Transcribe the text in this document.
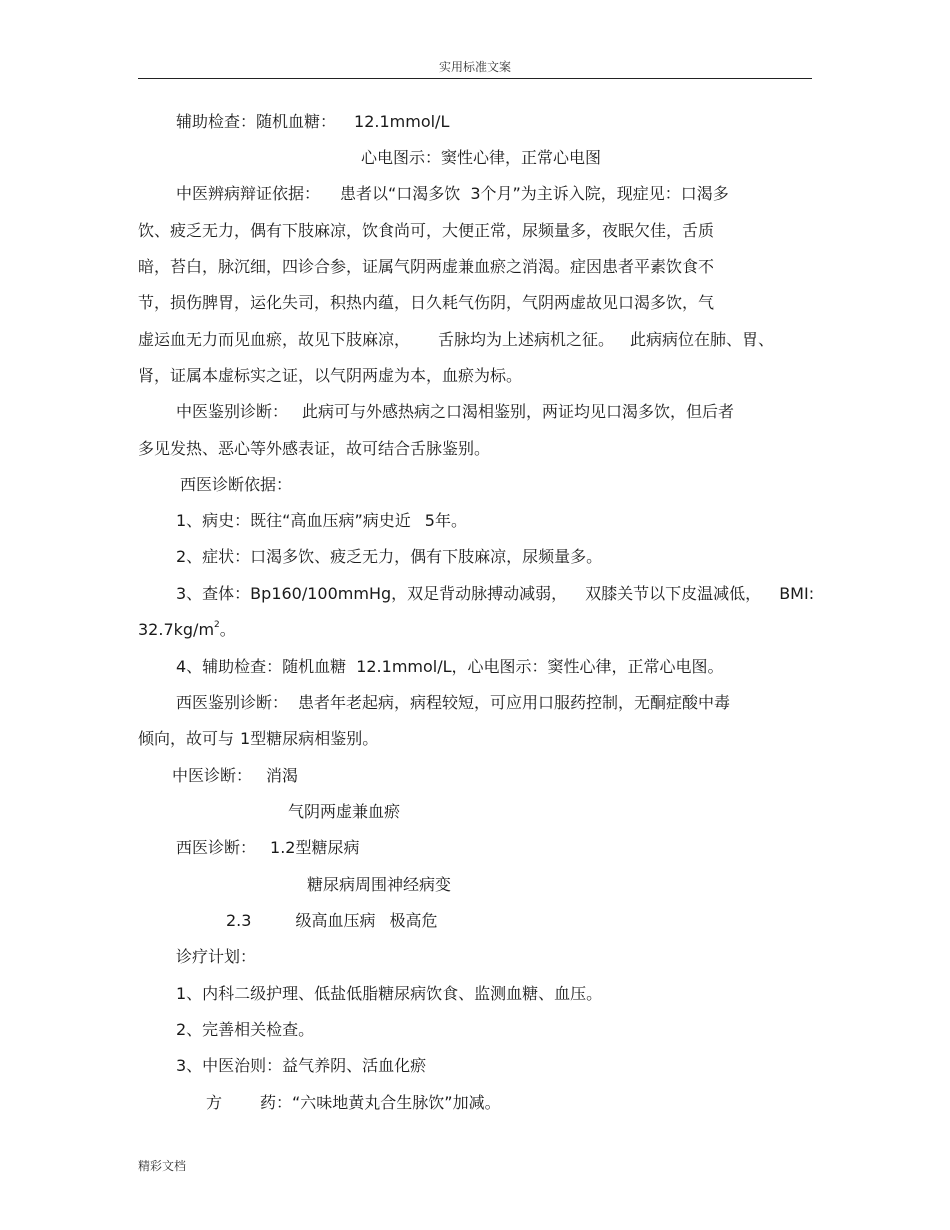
实用标准文案
辅助检查：随机血糖： 12.1mmol/L
心电图示：窦性心律，正常心电图
中医辨病辩证依据： 患者以“口渴多饮 3个月”为主诉入院，现症见：口渴多
饮、疲乏无力，偶有下肢麻凉，饮食尚可，大便正常，尿频量多，夜眠欠佳，舌质
暗，苔白，脉沉细，四诊合参，证属气阴两虚兼血瘀之消渴。症因患者平素饮食不
节，损伤脾胃，运化失司，积热内蕴，日久耗气伤阴，气阴两虚故见口渴多饮，气
虚运血无力而见血瘀，故见下肢麻凉， 舌脉均为上述病机之征。 此病病位在肺、胃、
肾，证属本虚标实之证，以气阴两虚为本，血瘀为标。
中医鉴别诊断： 此病可与外感热病之口渴相鉴别，两证均见口渴多饮，但后者
多见发热、恶心等外感表证，故可结合舌脉鉴别。
西医诊断依据：
1、病史：既往“高血压病”病史近 5年。
2、症状：口渴多饮、疲乏无力，偶有下肢麻凉，尿频量多。
3、查体：Bp160/100mmHg，双足背动脉搏动减弱， 双膝关节以下皮温减低， BMI:
$32.7kg/m^2$。
4、辅助检查：随机血糖 12.1mmol/L，心电图示：窦性心律，正常心电图。
西医鉴别诊断： 患者年老起病，病程较短，可应用口服药控制，无酮症酸中毒
倾向，故可与 1型糖尿病相鉴别。
中医诊断： 消渴
气阴两虚兼血瘀
西医诊断： 1.2型糖尿病
糖尿病周围神经病变
2.3	级高血压病 极高危
诊疗计划：
1、内科二级护理、低盐低脂糖尿病饮食、监测血糖、血压。
2、完善相关检查。
3、中医治则：益气养阴、活血化瘀
方 药：“六味地黄丸合生脉饮”加减。
精彩文档
